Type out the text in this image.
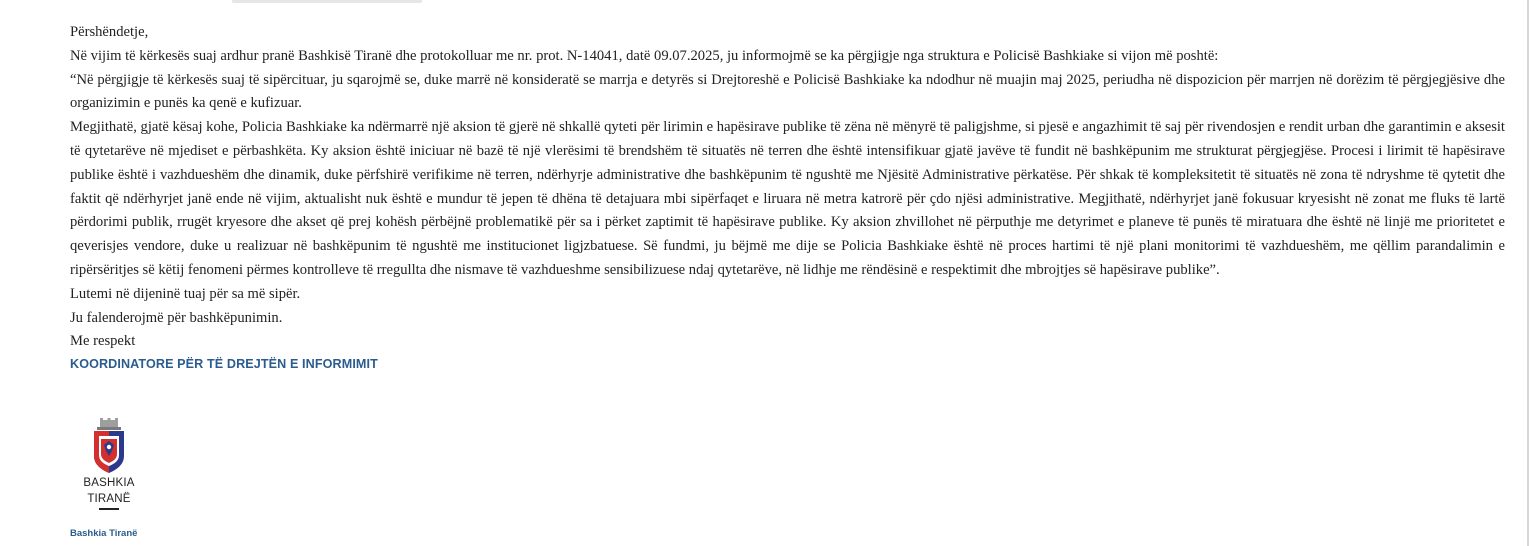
Përshëndetje,

Në vijim të kërkesës suaj ardhur pranë Bashkisë Tiranë dhe protokolluar me nr. prot. N-14041, datë 09.07.2025, ju informojmë se ka përgjigje nga struktura e Policisë Bashkiake si vijon më poshtë:

“Në përgjigje të kërkesës suaj të sipërcituar, ju sqarojmë se, duke marrë në konsideratë se marrja e detyrës si Drejtoreshë e Policisë Bashkiake ka ndodhur në muajin maj 2025, periudha në dispozicion për marrjen në dorëzim të përgjegjësive dhe organizimin e punës ka qenë e kufizuar.

Megjithatë, gjatë kësaj kohe, Policia Bashkiake ka ndërmarrë një aksion të gjerë në shkallë qyteti për lirimin e hapësirave publike të zëna në mënyrë të paligjshme, si pjesë e angazhimit të saj për rivendosjen e rendit urban dhe garantimin e aksesit të qytetarëve në mjediset e përbashkëta. Ky aksion është iniciuar në bazë të një vlerësimi të brendshëm të situatës në terren dhe është intensifikuar gjatë javëve të fundit në bashkëpunim me strukturat përgjegjëse. Procesi i lirimit të hapësirave publike është i vazhdueshëm dhe dinamik, duke përfshirë verifikime në terren, ndërhyrje administrative dhe bashkëpunim të ngushtë me Njësitë Administrative përkatëse. Për shkak të kompleksitetit të situatës në zona të ndryshme të qytetit dhe faktit që ndërhyrjet janë ende në vijim, aktualisht nuk është e mundur të jepen të dhëna të detajuara mbi sipërfaqet e liruara në metra katrorë për çdo njësi administrative. Megjithatë, ndërhyrjet janë fokusuar kryesisht në zonat me fluks të lartë përdorimi publik, rrugët kryesore dhe akset që prej kohësh përbëjnë problematikë për sa i përket zaptimit të hapësirave publike. Ky aksion zhvillohet në përputhje me detyrimet e planeve të punës të miratuara dhe është në linjë me prioritetet e qeverisjes vendore, duke u realizuar në bashkëpunim të ngushtë me institucionet ligjzbatuese. Së fundmi, ju bëjmë me dije se Policia Bashkiake është në proces hartimi të një plani monitorimi të vazhdueshëm, me qëllim parandalimin e ripërsëritjes së këtij fenomeni përmes kontrolleve të rregullta dhe nismave të vazhdueshme sensibilizuese ndaj qytetarëve, në lidhje me rëndësinë e respektimit dhe mbrojtjes së hapësirave publike”.

Lutemi në dijeninë tuaj për sa më sipër.

Ju falenderojmë për bashkëpunimin.

Me respekt

KOORDINATORE PËR TË DREJTËN E INFORMIMIT

BASHKIA
TIRANË
Bashkia Tiranë
